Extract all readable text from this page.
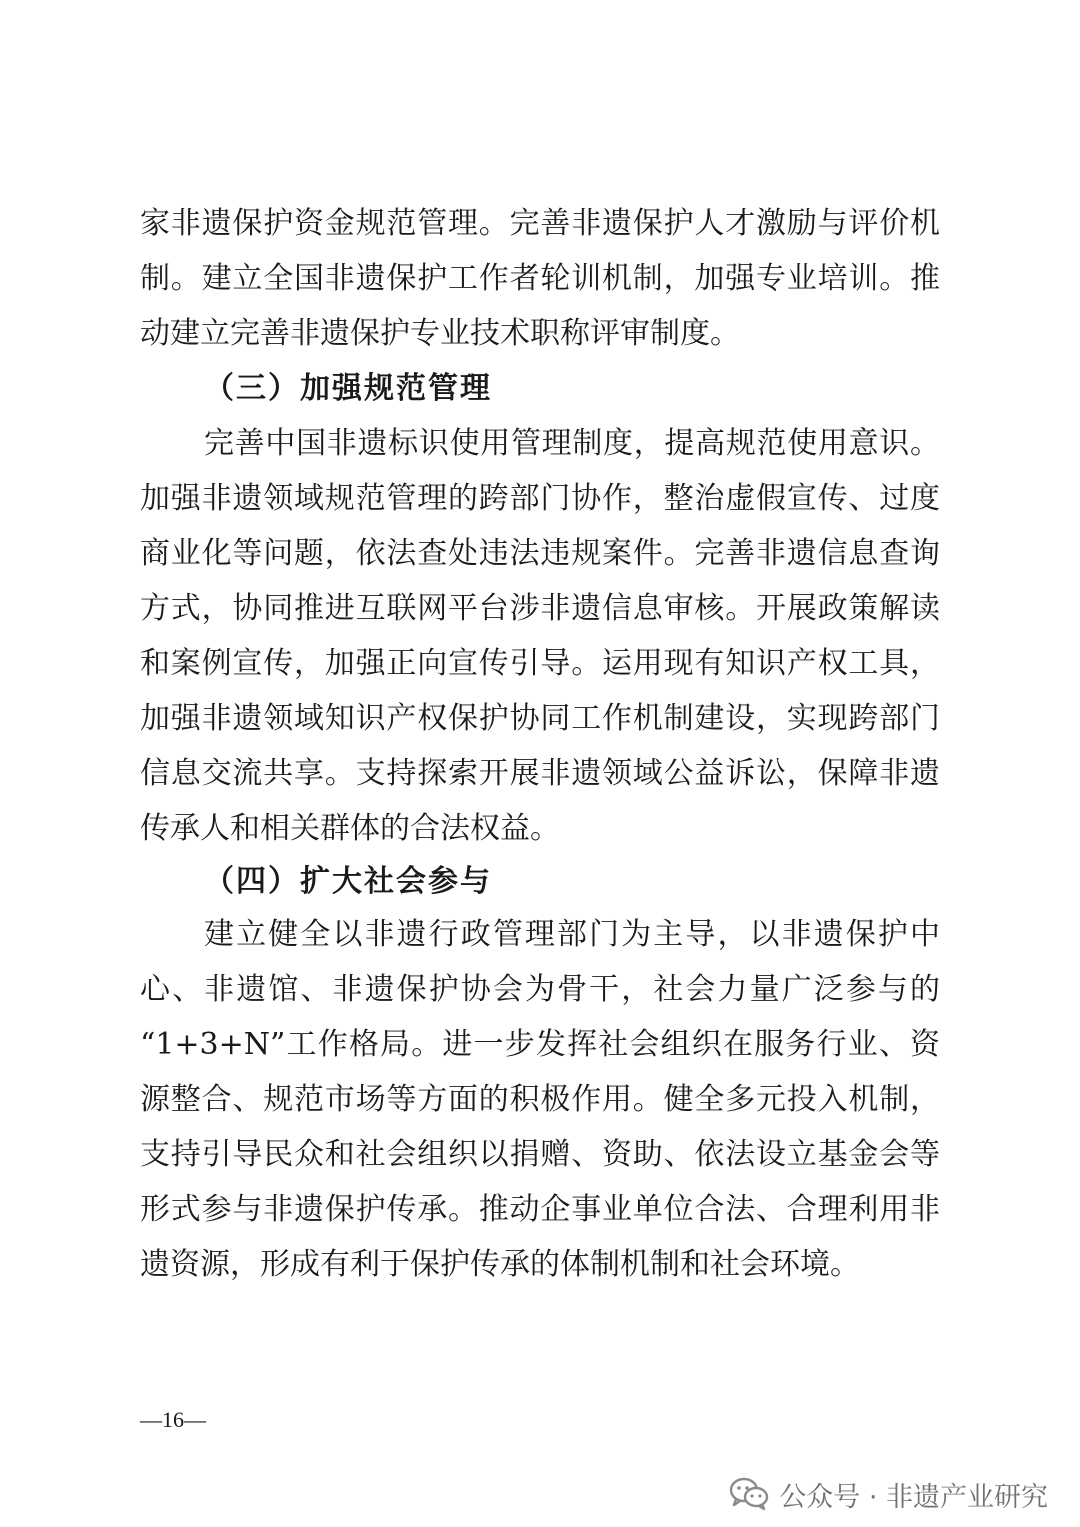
家非遗保护资金规范管理。完善非遗保护人才激励与评价机
制。建立全国非遗保护工作者轮训机制，加强专业培训。推
动建立完善非遗保护专业技术职称评审制度。
（三）加强规范管理
完善中国非遗标识使用管理制度，提高规范使用意识。
加强非遗领域规范管理的跨部门协作，整治虚假宣传、过度
商业化等问题，依法查处违法违规案件。完善非遗信息查询
方式，协同推进互联网平台涉非遗信息审核。开展政策解读
和案例宣传，加强正向宣传引导。运用现有知识产权工具，
加强非遗领域知识产权保护协同工作机制建设，实现跨部门
信息交流共享。支持探索开展非遗领域公益诉讼，保障非遗
传承人和相关群体的合法权益。
（四）扩大社会参与
建立健全以非遗行政管理部门为主导，以非遗保护中
心、非遗馆、非遗保护协会为骨干，社会力量广泛参与的
“1+3+N”工作格局。进一步发挥社会组织在服务行业、资
源整合、规范市场等方面的积极作用。健全多元投入机制，
支持引导民众和社会组织以捐赠、资助、依法设立基金会等
形式参与非遗保护传承。推动企事业单位合法、合理利用非
遗资源，形成有利于保护传承的体制机制和社会环境。
—16—
公众号 · 非遗产业研究
